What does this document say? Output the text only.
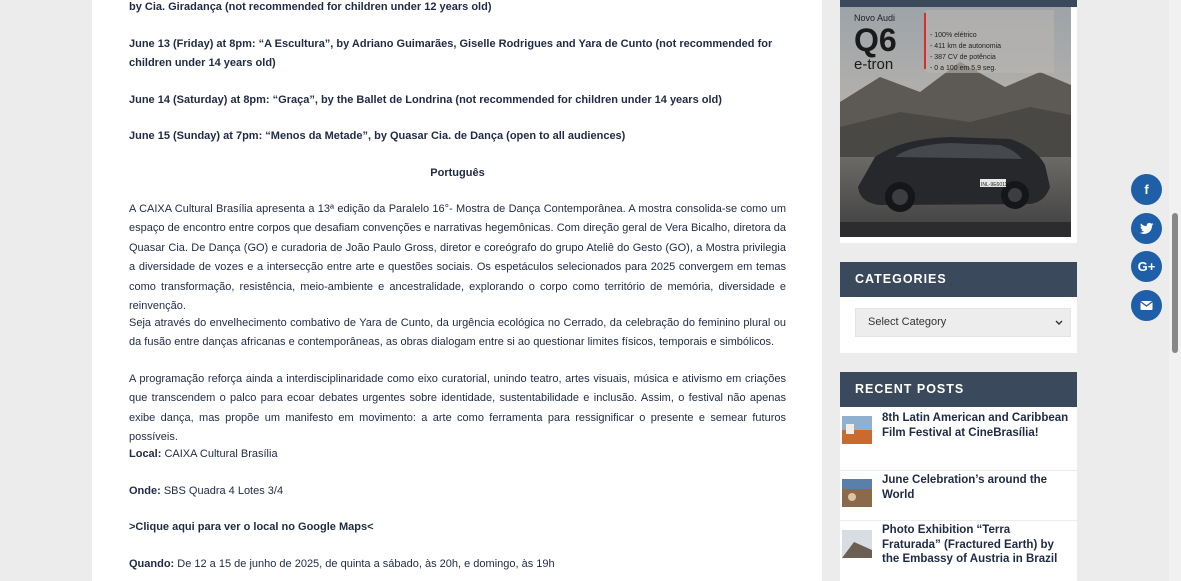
by Cia. Giradança (not recommended for children under 12 years old)
June 13 (Friday) at 8pm: “A Escultura”, by Adriano Guimarães, Giselle Rodrigues and Yara de Cunto (not recommended for children under 14 years old)
June 14 (Saturday) at 8pm: “Graça”, by the Ballet de Londrina (not recommended for children under 14 years old)
June 15 (Sunday) at 7pm: “Menos da Metade”, by Quasar Cia. de Dança (open to all audiences)
Português
A CAIXA Cultural Brasília apresenta a 13ª edição da Paralelo 16°- Mostra de Dança Contemporânea. A mostra consolida-se como um espaço de encontro entre corpos que desafiam convenções e narrativas hegemônicas. Com direção geral de Vera Bicalho, diretora da Quasar Cia. De Dança (GO) e curadoria de João Paulo Gross, diretor e coreógrafo do grupo Ateliê do Gesto (GO), a Mostra privilegia a diversidade de vozes e a intersecção entre arte e questões sociais. Os espetáculos selecionados para 2025 convergem em temas como transformação, resistência, meio-ambiente e ancestralidade, explorando o corpo como território de memória, diversidade e reinvenção.
Seja através do envelhecimento combativo de Yara de Cunto, da urgência ecológica no Cerrado, da celebração do feminino plural ou da fusão entre danças africanas e contemporâneas, as obras dialogam entre si ao questionar limites físicos, temporais e simbólicos.
A programação reforça ainda a interdisciplinaridade como eixo curatorial, unindo teatro, artes visuais, música e ativismo em criações que transcendem o palco para ecoar debates urgentes sobre identidade, sustentabilidade e inclusão. Assim, o festival não apenas exibe dança, mas propõe um manifesto em movimento: a arte como ferramenta para ressignificar o presente e semear futuros possíveis.
Local: CAIXA Cultural Brasília
Onde: SBS Quadra 4 Lotes 3/4
>Clique aqui para ver o local no Google Maps<
Quando: De 12 a 15 de junho de 2025, de quinta a sábado, às 20h, e domingo, às 19h
Novo Audi
Q6
e-tron
- 100% elétrico
- 411 km de autonomia
- 387 CV de potência
- 0 a 100 em 5,9 seg.
INL-9E6011
CATEGORIES
Select Category
RECENT POSTS
8th Latin American and Caribbean Film Festival at CineBrasília!
June Celebration’s around the World
Photo Exhibition “Terra Fraturada” (Fractured Earth) by the Embassy of Austria in Brazil
f
G+
